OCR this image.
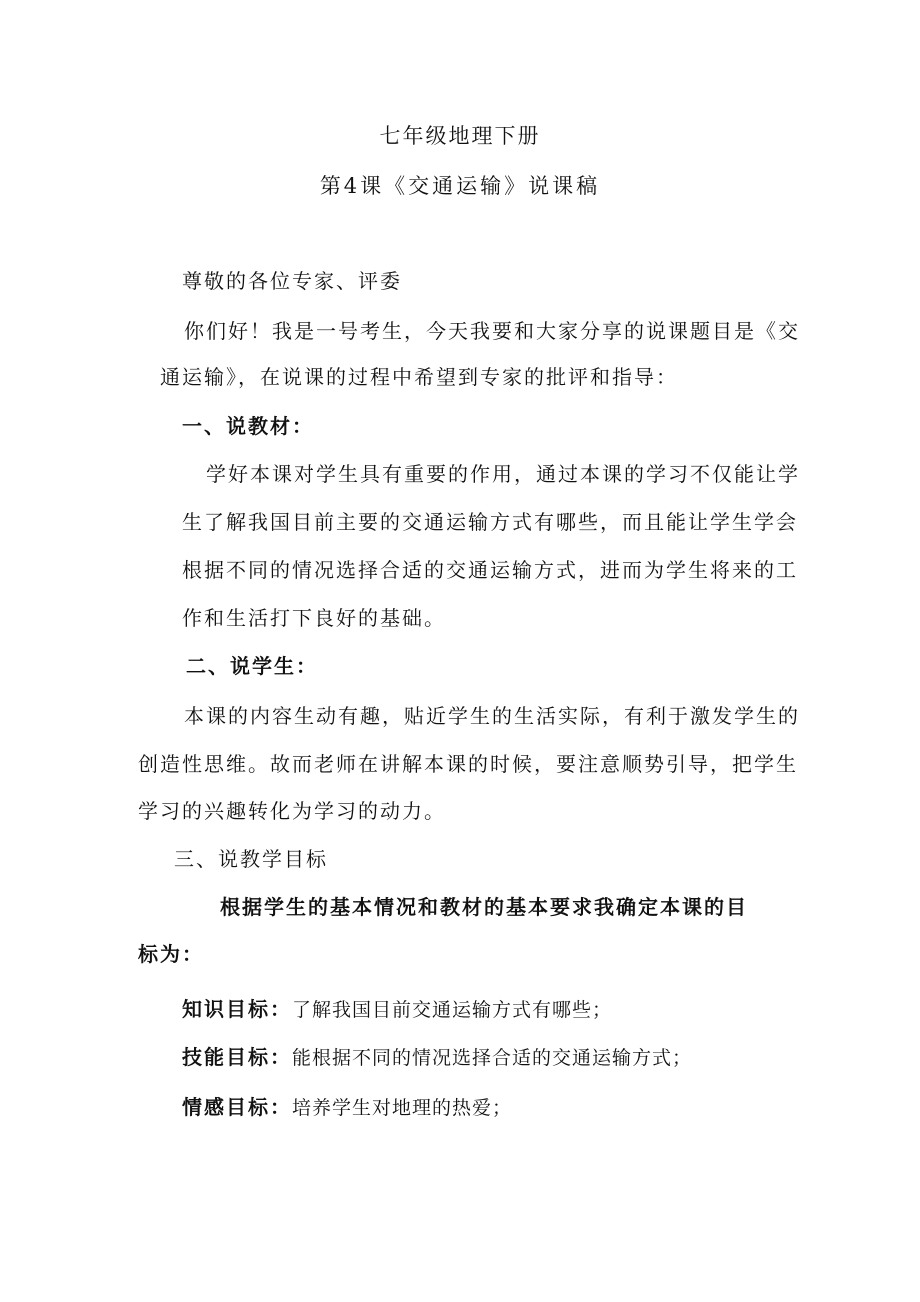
七年级地理下册
第4课《交通运输》说课稿
尊敬的各位专家、评委
你们好！我是一号考生，今天我要和大家分享的说课题目是《交
通运输》，在说课的过程中希望到专家的批评和指导：
一、说教材：
学好本课对学生具有重要的作用，通过本课的学习不仅能让学
生了解我国目前主要的交通运输方式有哪些，而且能让学生学会
根据不同的情况选择合适的交通运输方式，进而为学生将来的工
作和生活打下良好的基础。
二、说学生：
本课的内容生动有趣，贴近学生的生活实际，有利于激发学生的
创造性思维。故而老师在讲解本课的时候，要注意顺势引导，把学生
学习的兴趣转化为学习的动力。
三、说教学目标
根据学生的基本情况和教材的基本要求我确定本课的目
标为：
知识目标：了解我国目前交通运输方式有哪些；
技能目标：能根据不同的情况选择合适的交通运输方式；
情感目标：培养学生对地理的热爱；
